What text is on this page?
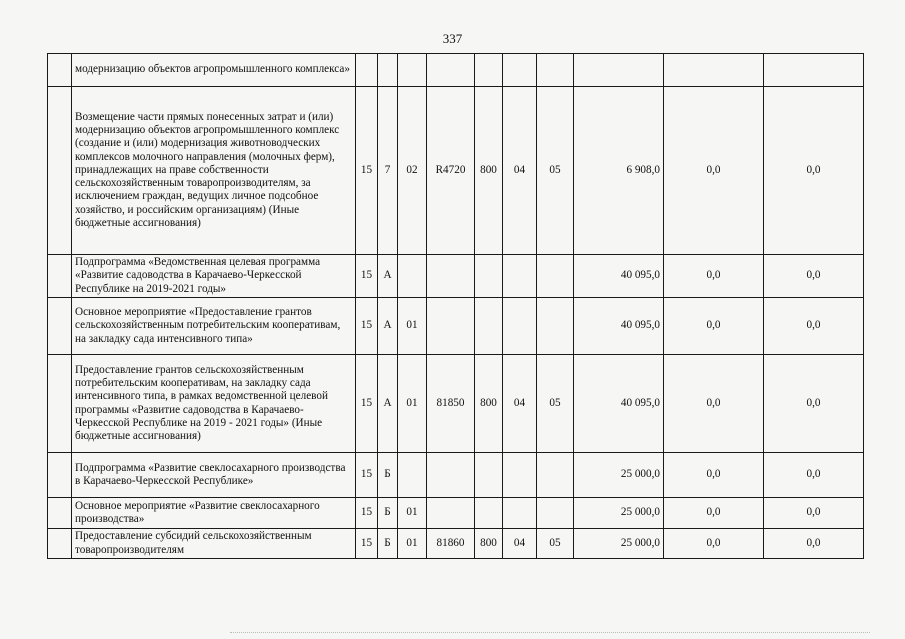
337
	модернизацию объектов агропромышленного комплекса»										
	Возмещение части прямых понесенных затрат и (или) модернизацию объектов агропромышленного комплекс (создание и (или) модернизация животноводческих комплексов молочного направления (молочных ферм), принадлежащих на праве собственности сельскохозяйственным товаропроизводителям, за исключением граждан, ведущих личное подсобное хозяйство, и российским организациям) (Иные бюджетные ассигнования)	15	7	02	R4720	800	04	05	6 908,0	0,0	0,0
	Подпрограмма «Ведомственная целевая программа «Развитие садоводства в Карачаево-Черкесской Республике на 2019-2021 годы»	15	А						40 095,0	0,0	0,0
	Основное мероприятие «Предоставление грантов сельскохозяйственным потребительским кооперативам, на закладку сада интенсивного типа»	15	А	01					40 095,0	0,0	0,0
	Предоставление грантов сельскохозяйственным потребительским кооперативам, на закладку сада интенсивного типа, в рамках ведомственной целевой программы «Развитие садоводства в Карачаево-Черкесской Республике на 2019 - 2021 годы» (Иные бюджетные ассигнования)	15	А	01	81850	800	04	05	40 095,0	0,0	0,0
	Подпрограмма «Развитие свеклосахарного производства в Карачаево-Черкесской Республике»	15	Б						25 000,0	0,0	0,0
	Основное мероприятие «Развитие свеклосахарного производства»	15	Б	01					25 000,0	0,0	0,0
	Предоставление субсидий сельскохозяйственным товаропроизводителям	15	Б	01	81860	800	04	05	25 000,0	0,0	0,0
